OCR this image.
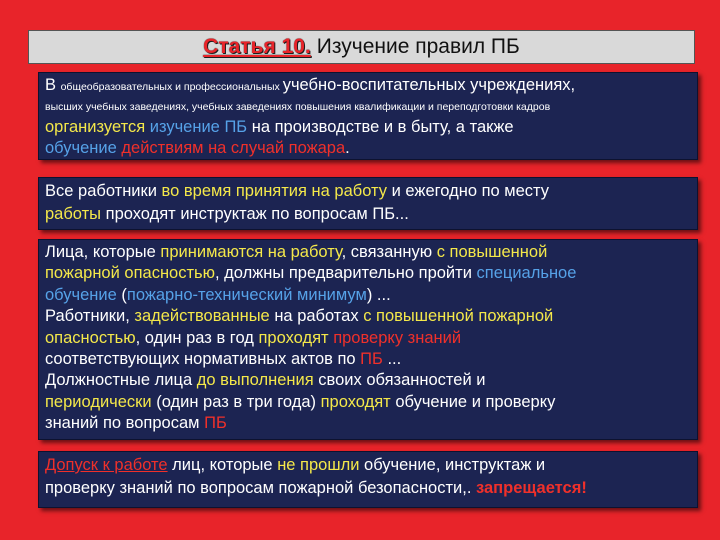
Статья 10. Изучение правил ПБ
В общеобразовательных и профессиональных учебно-воспитательных учреждениях,
высших учебных заведениях, учебных заведениях повышения квалификации и переподготовки кадров
организуется изучение ПБ на производстве и в быту, а также
обучение действиям на случай пожара.
Все работники во время принятия на работу и ежегодно по месту
работы проходят инструктаж по вопросам ПБ...
Лица, которые принимаются на работу, связанную с повышенной
пожарной опасностью, должны предварительно пройти специальное
обучение (пожарно-технический минимум) ...
Работники, задействованные на работах с повышенной пожарной
опасностью, один раз в год проходят проверку знаний
соответствующих нормативных актов по ПБ ...
Должностные лица до выполнения своих обязанностей и
периодически (один раз в три года) проходят обучение и проверку
знаний по вопросам ПБ
Допуск к работе лиц, которые не прошли обучение, инструктаж и
проверку знаний по вопросам пожарной безопасности,. запрещается!
